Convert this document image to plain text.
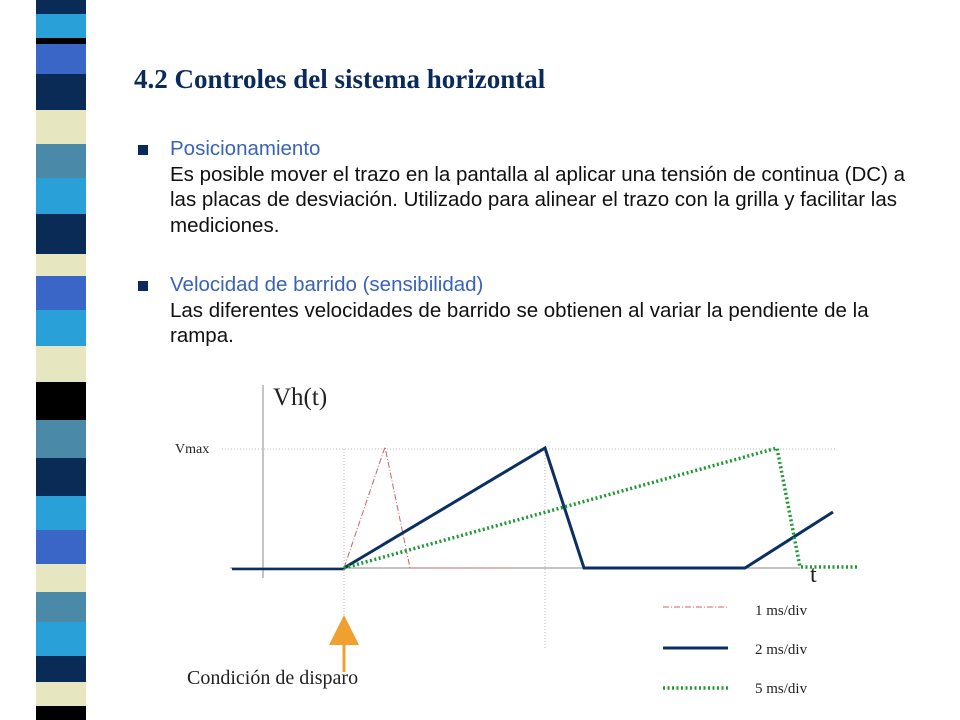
4.2 Controles del sistema horizontal
Posicionamiento
Es posible mover el trazo en la pantalla al aplicar una tensión de continua (DC) a las placas de desviación. Utilizado para alinear el trazo con la grilla y facilitar las mediciones.
Velocidad de barrido (sensibilidad)
Las diferentes velocidades de barrido se obtienen al variar la pendiente de la rampa.
Vh(t)
Vmax
t
Condición de disparo
1 ms/div
2 ms/div
5 ms/div
